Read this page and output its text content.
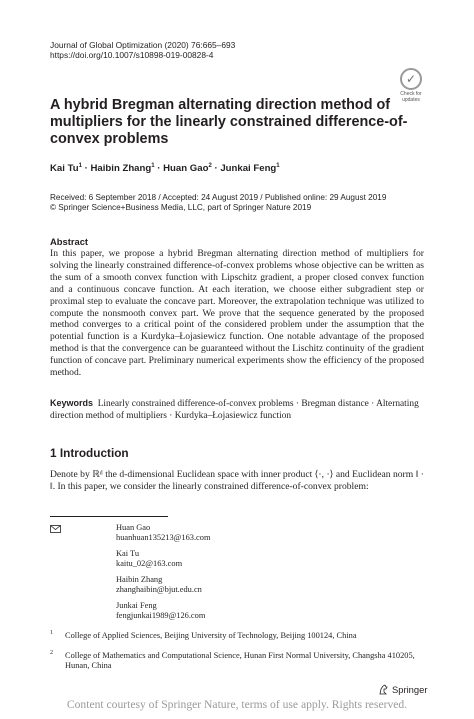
Journal of Global Optimization (2020) 76:665–693
https://doi.org/10.1007/s10898-019-00828-4
✓
Check for
updates
A hybrid Bregman alternating direction method of multipliers for the linearly constrained difference-of-convex problems
Kai $Tu^1$ · Haibin Zhang$^1$ · Huan Gao$^2$ · Junkai Feng$^1$
Received: 6 September 2018 / Accepted: 24 August 2019 / Published online: 29 August 2019
© Springer Science+Business Media, LLC, part of Springer Nature 2019
Abstract
In this paper, we propose a hybrid Bregman alternating direction method of multipliers for solving the linearly constrained difference-of-convex problems whose objective can be written as the sum of a smooth convex function with Lipschitz gradient, a proper closed convex function and a continuous concave function. At each iteration, we choose either subgradient step or proximal step to evaluate the concave part. Moreover, the extrapolation technique was utilized to compute the nonsmooth convex part. We prove that the sequence generated by the proposed method converges to a critical point of the considered problem under the assumption that the potential function is a Kurdyka–Łojasiewicz function. One notable advantage of the proposed method is that the convergence can be guaranteed without the Lischitz continuity of the gradient function of concave part. Preliminary numerical experiments show the efficiency of the proposed method.
Keywords Linearly constrained difference-of-convex problems · Bregman distance · Alternating direction method of multipliers · Kurdyka–Łojasiewicz function
1 Introduction
Denote by ℝᵈ the d-dimensional Euclidean space with inner product ⟨·, ·⟩ and Euclidean norm ‖ · ‖. In this paper, we consider the linearly constrained difference-of-convex problem:
Huan Gao
huanhuan135213@163.com
Kai Tu
kaitu_02@163.com
Haibin Zhang
zhanghaibin@bjut.edu.cn
Junkai Feng
fengjunkai1989@126.com
1 College of Applied Sciences, Beijing University of Technology, Beijing 100124, China
2 College of Mathematics and Computational Science, Hunan First Normal University, Changsha 410205, Hunan, China
Springer
Content courtesy of Springer Nature, terms of use apply. Rights reserved.
